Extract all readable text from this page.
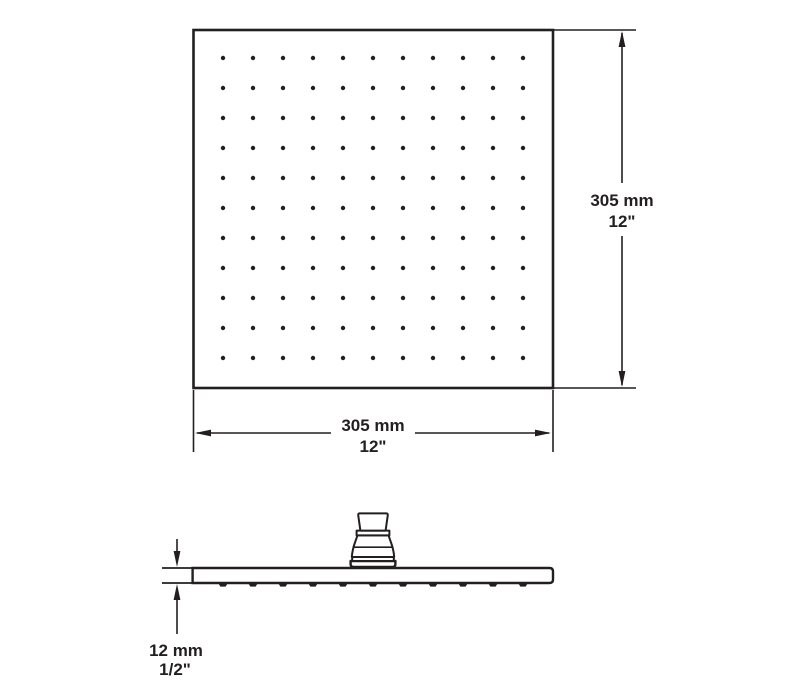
305 mm
12"
305 mm
12"
12 mm
1/2"
